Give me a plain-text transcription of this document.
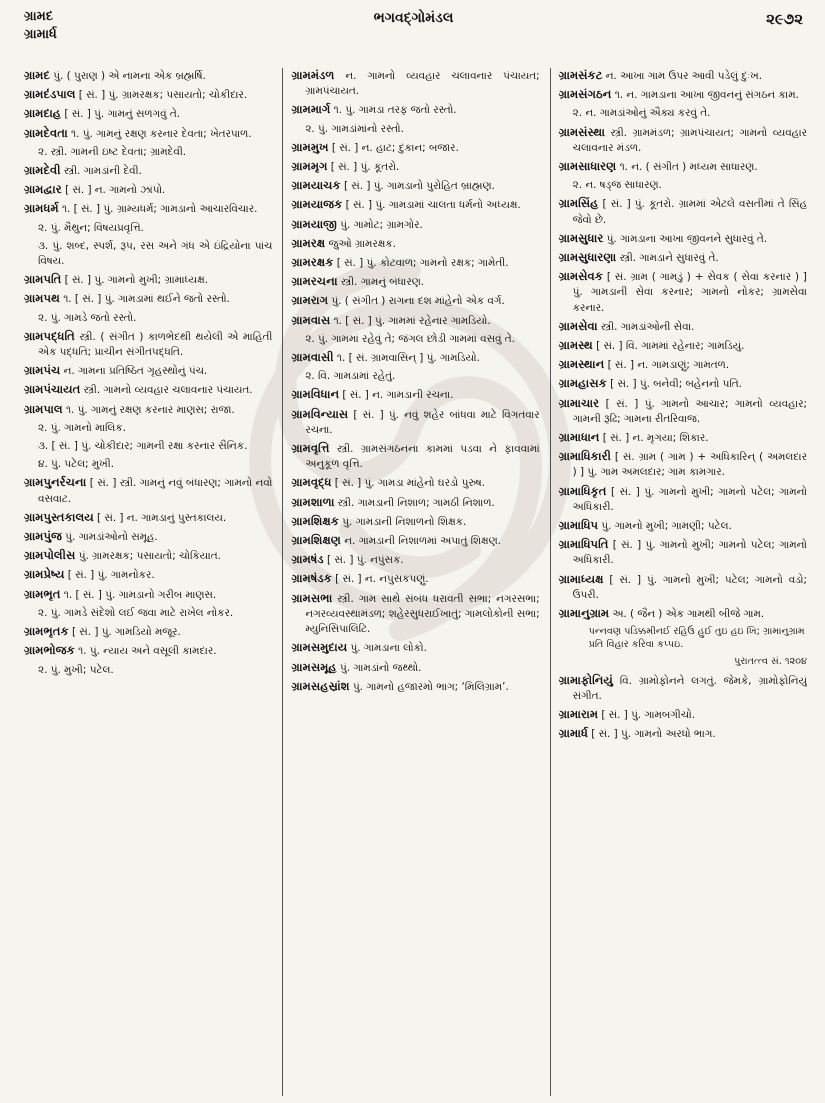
ગ્રામદ
ગ્રામાર્ધ
ભગવદ્ગોમંડલ	૨૯૭૨
ગ્રામદ પું. ( પુરાણ ) એ નામના એક બ્રહ્મર્ષિ.
ગ્રામદંડપાલ [ સં. ] પું. ગ્રામરક્ષક; પસાયતો; ચોકીદાર.
ગ્રામદાહ [ સં. ] પું. ગામનું સળગવું તે.
ગ્રામદેવતા ૧. પું. ગામનું રક્ષણ કરનાર દેવતા; ખેતરપાળ.
૨. સ્ત્રી. ગામની ઇષ્ટ દેવતા; ગ્રામદેવી.
ગ્રામદેવી સ્ત્રી. ગામડાંની દેવી.
ગ્રામદ્વાર [ સં. ] ન. ગામનો ઝાંપો.
ગ્રામધર્મ ૧. [ સં. ] પું. ગ્રામ્યધર્મ; ગામડાનો આચારવિચાર.
૨. પું. મૈથુન; વિષયપ્રવૃત્તિ.
૩. પું. શબ્દ, સ્પર્શ, રૂપ, રસ અને ગંધ એ ઇંદ્રિયોના પાંચ વિષય.
ગ્રામપતિ [ સં. ] પું. ગામનો મુખી; ગ્રામાધ્યક્ષ.
ગ્રામપથ ૧. [ સં. ] પું. ગામડામાં થઈને જતો રસ્તો.
૨. પું. ગામડે જતો રસ્તો.
ગ્રામપદ્ધતિ સ્ત્રી. ( સંગીત ) કાળભેદથી થયેલી એ માહિતી એક પદ્ધતિ; પ્રાચીન સંગીતપદ્ધતિ.
ગ્રામપંચ ન. ગામના પ્રતિષ્ઠિત ગૃહસ્થોનું પંચ.
ગ્રામપંચાયત સ્ત્રી. ગામનો વ્યવહાર ચલાવનાર પંચાયત.
ગ્રામપાલ ૧. પું. ગામનું રક્ષણ કરનાર માણસ; રાજા.
૨. પું. ગામનો માલિક.
૩. [ સં. ] પું. ચોકીદાર; ગામની રક્ષા કરનાર સૈનિક.
૪. પું. પટેલ; મુખી.
ગ્રામપુનર્રચના [ સં. ] સ્ત્રી. ગામનું નવું બંધારણ; ગામનો નવો વસવાટ.
ગ્રામપુસ્તકાલય [ સં. ] ન. ગામડાનું પુસ્તકાલય.
ગ્રામપુંજ પું. ગામડાંઓનો સમૂહ.
ગ્રામપોલીસ પું. ગ્રામરક્ષક; પસાયતો; ચોકિયાત.
ગ્રામપ્રેષ્ય [ સં. ] પું. ગામનોકર.
ગ્રામભૃત ૧. [ સં. ] પું. ગામડાનો ગરીબ માણસ.
૨. પું. ગામડે સંદેશો લઈ જવા માટે રાખેલ નોકર.
ગ્રામભૃતક [ સં. ] પું. ગામડિયો મજૂર.
ગ્રામભોજક ૧. પું. ન્યાય અને વસૂલી કામદાર.
૨. પું. મુખી; પટેલ.
ગ્રામમંડળ ન. ગામનો વ્યવહાર ચલાવનાર પંચાયત; ગ્રામપંચાયત.
ગ્રામમાર્ગ ૧. પું. ગામડા તરફ જતો રસ્તો.
૨. પું. ગામડાંમાંનો રસ્તો.
ગ્રામમુખ [ સં. ] ન. હાટ; દુકાન; બજાર.
ગ્રામમૃગ [ સં. ] પું. કૂતરો.
ગ્રામયાચક [ સં. ] પું. ગામડાનો પુરોહિત બ્રાહ્મણ.
ગ્રામયાજક [ સં. ] પું. ગામડામાં ચાલતા ધર્મનો અધ્યક્ષ.
ગ્રામયાજી પું. ગામોટ; ગ્રામગોર.
ગ્રામરક્ષ જુઓ ગ્રામરક્ષક.
ગ્રામરક્ષક [ સં. ] પું. કોટવાળ; ગામનો રક્ષક; ગામેતી.
ગ્રામરચના સ્ત્રી. ગામનું બંધારણ.
ગ્રામરાગ પું. ( સંગીત ) રાગના દશ માંહેનો એક વર્ગ.
ગ્રામવાસ ૧. [ સં. ] પું. ગામમાં રહેનાર ગામડિયો.
૨. પું. ગામમાં રહેવું તે; જંગલ છોડી ગામમાં વસવું તે.
ગ્રામવાસી ૧. [ સં. ગ્રામવાસિન્ ] પું. ગામડિયો.
૨. વિ. ગામડામાં રહેતું.
ગ્રામવિધાન [ સં. ] ન. ગામડાની રચના.
ગ્રામવિન્યાસ [ સં. ] પું. નવું શહેર બાંધવા માટે વિગતવાર રચના.
ગ્રામવૃત્તિ સ્ત્રી. ગ્રામસંગઠનના કામમાં પડવા ને ફાવવામાં અનુકૂળ વૃત્તિ.
ગ્રામવૃદ્ધ [ સં. ] પું. ગામડા માંહેનો ઘરડો પુરુષ.
ગ્રામશાળા સ્ત્રી. ગામડાની નિશાળ; ગામઠી નિશાળ.
ગ્રામશિક્ષક પું. ગામડાની નિશાળનો શિક્ષક.
ગ્રામશિક્ષણ ન. ગામડાની નિશાળમાં અપાતું શિક્ષણ.
ગ્રામષંડ [ સં. ] પું. નપુંસક.
ગ્રામષંડક [ સં. ] ન. નપુંસકપણું.
ગ્રામસભા સ્ત્રી. ગામ સાથે સંબંધ ધરાવતી સભા; નગરસભા; નગરવ્યવસ્થામંડળ; શહેરસુધરાઈખાતું; ગામલોકોની સભા; મ્યુનિસિપાલિટિ.
ગ્રામસમુદાય પું. ગામડાના લોકો.
ગ્રામસમૂહ પું. ગામડાંનો જથ્થો.
ગ્રામસહસ્રાંશ પું. ગામનો હજારમો ભાગ; ‘મિલિગ્રામ’.
ગ્રામસંકટ ન. આખા ગામ ઉપર આવી પડેલું દુઃખ.
ગ્રામસંગઠન ૧. ન. ગામડાના આખા જીવનનું સંગઠન કામ.
૨. ન. ગામડાંઓનું ઐક્ય કરવું તે.
ગ્રામસંસ્થા સ્ત્રી. ગ્રામમંડળ; ગ્રામપંચાયત; ગામનો વ્યવહાર ચલાવનાર મંડળ.
ગ્રામસાધારણ ૧. ન. ( સંગીત ) મધ્યમ સાધારણ.
૨. ન. ષડ્જ સાધારણ.
ગ્રામસિંહ [ સં. ] પું. કૂતરો. ગ્રામમાં એટલે વસતીમાં તે સિંહ જેવો છે.
ગ્રામસુધાર પું. ગામડાના આખા જીવનને સુધારવું તે.
ગ્રામસુધારણા સ્ત્રી. ગામડાને સુધારવું તે.
ગ્રામસેવક [ સં. ગ્રામ ( ગામડું ) + સેવક ( સેવા કરનાર ) ] પું. ગામડાની સેવા કરનાર; ગામનો નોકર; ગ્રામસેવા કરનાર.
ગ્રામસેવા સ્ત્રી. ગામડાંઓની સેવા.
ગ્રામસ્થ [ સં. ] વિ. ગામમાં રહેનાર; ગામડિયું.
ગ્રામસ્થાન [ સં. ] ન. ગામડાણું; ગામતળ.
ગ્રામહાસક [ સં. ] પું. બનેવી; બહેનનો પતિ.
ગ્રામાચાર [ સં. ] પું. ગામનો આચાર; ગામનો વ્યવહાર; ગામની રૂઢિ; ગામના રીતરિવાજ.
ગ્રામાધાન [ સં. ] ન. મૃગયા; શિકાર.
ગ્રામાધિકારી [ સં. ગ્રામ ( ગામ ) + અધિકારિન્ ( અમલદાર ) ] પું. ગામ અમલદાર; ગામ કામગાર.
ગ્રામાધિકૃત [ સં. ] પું. ગામનો મુખી; ગામનો પટેલ; ગામનો અધિકારી.
ગ્રામાધિપ પું. ગામનો મુખી; ગામણી; પટેલ.
ગ્રામાધિપતિ [ સં. ] પું. ગામનો મુખી; ગામનો પટેલ; ગામનો અધિકારી.
ગ્રામાધ્યક્ષ [ સં. ] પું. ગામનો મુખી; પટેલ; ગામનો વડો; ઉપરી.
ગ્રામાનુગ્રામ અ. ( જૈન ) એક ગામથી બીજે ગામ.
પન્નવણ પડિક્કમીનઈ રહિઉ હુઈ તુઇ હઇ ખિ; ગ્રામાનુગ્રામ પ્રતિ વિહાર કરિવા કપ્પઇ.
પુરાતત્ત્વ સં. ૧૨૦૪
ગ્રામાફોનિયું વિ. ગ્રામોફોનને લગતું. જેમકે, ગ્રામોફોનિયું સંગીત.
ગ્રામારામ [ સં. ] પું. ગામબગીચો.
ગ્રામાર્ધ [ સં. ] પું. ગામનો અરધો ભાગ.
